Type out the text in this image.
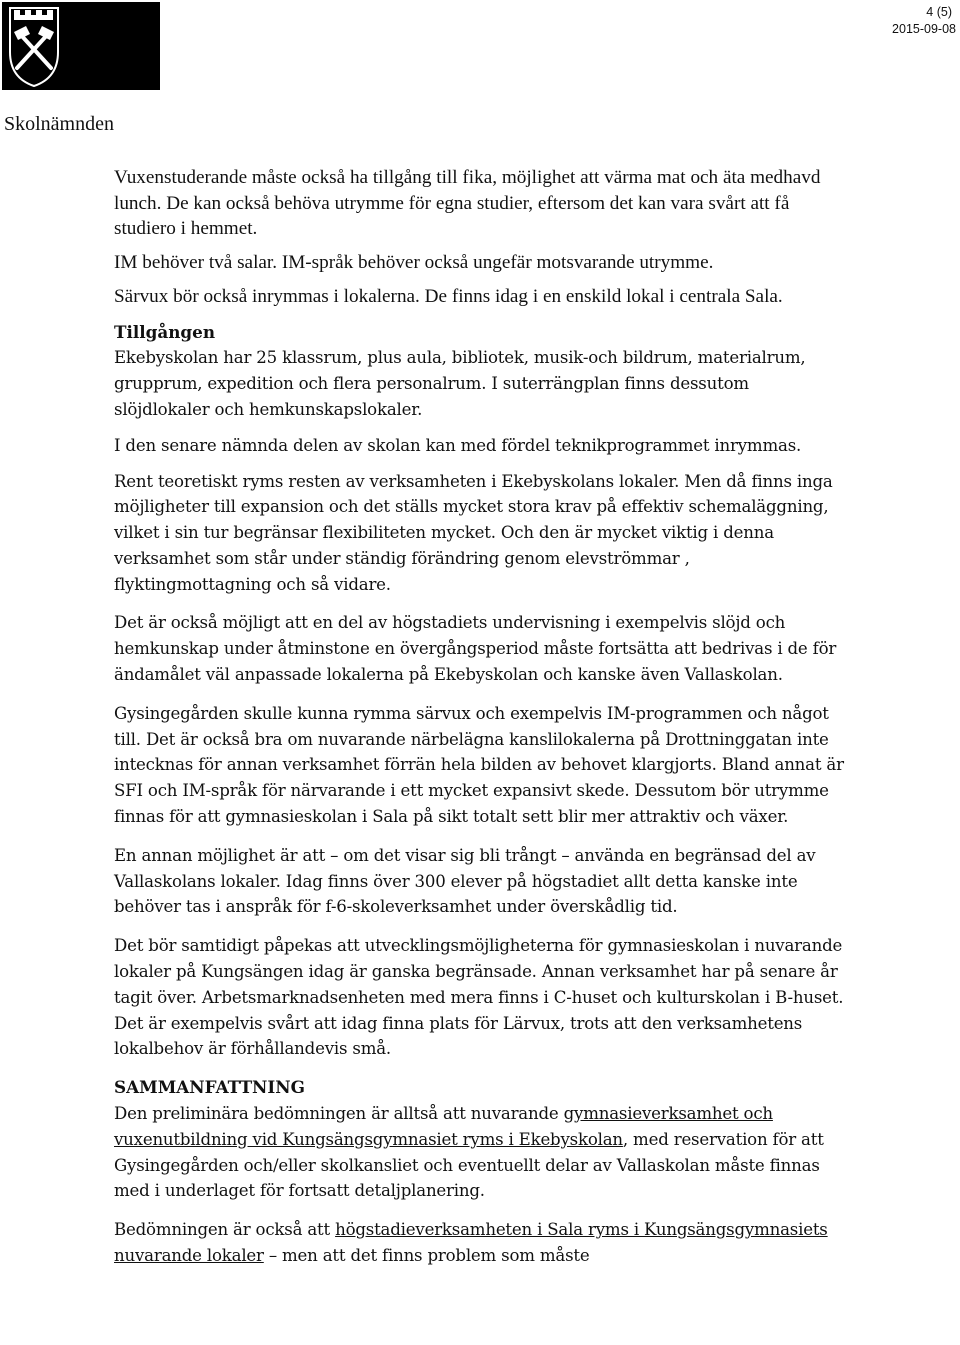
4 (5)
2015-09-08
Skolnämnden

Vuxenstuderande måste också ha tillgång till fika, möjlighet att värma mat och äta medhavd lunch. De kan också behöva utrymme för egna studier, eftersom det kan vara svårt att få studiero i hemmet.

IM behöver två salar. IM-språk behöver också ungefär motsvarande utrymme.

Särvux bör också inrymmas i lokalerna. De finns idag i en enskild lokal i centrala Sala.

Tillgången

Ekebyskolan har 25 klassrum, plus aula, bibliotek, musik-och bildrum, materialrum, grupprum, expedition och flera personalrum. I suterrängplan finns dessutom slöjdlokaler och hemkunskapslokaler.

I den senare nämnda delen av skolan kan med fördel teknikprogrammet inrymmas.

Rent teoretiskt ryms resten av verksamheten i Ekebyskolans lokaler. Men då finns inga möjligheter till expansion och det ställs mycket stora krav på effektiv schemaläggning, vilket i sin tur begränsar flexibiliteten mycket. Och den är mycket viktig i denna verksamhet som står under ständig förändring genom elevströmmar , flyktingmottagning och så vidare.

Det är också möjligt att en del av högstadiets undervisning i exempelvis slöjd och hemkunskap under åtminstone en övergångsperiod måste fortsätta att bedrivas i de för ändamålet väl anpassade lokalerna på Ekebyskolan och kanske även Vallaskolan.

Gysingegården skulle kunna rymma särvux och exempelvis IM-programmen och något till. Det är också bra om nuvarande närbelägna kanslilokalerna på Drottninggatan inte intecknas för annan verksamhet förrän hela bilden av behovet klargjorts. Bland annat är SFI och IM-språk för närvarande i ett mycket expansivt skede. Dessutom bör utrymme finnas för att gymnasieskolan i Sala på sikt totalt sett blir mer attraktiv och växer.

En annan möjlighet är att – om det visar sig bli trångt – använda en begränsad del av Vallaskolans lokaler. Idag finns över 300 elever på högstadiet allt detta kanske inte behöver tas i anspråk för f-6-skoleverksamhet under överskådlig tid.

Det bör samtidigt påpekas att utvecklingsmöjligheterna för gymnasieskolan i nuvarande lokaler på Kungsängen idag är ganska begränsade. Annan verksamhet har på senare år tagit över. Arbetsmarknadsenheten med mera finns i C-huset och kulturskolan i B-huset. Det är exempelvis svårt att idag finna plats för Lärvux, trots att den verksamhetens lokalbehov är förhållandevis små.

SAMMANFATTNING

Den preliminära bedömningen är alltså att nuvarande gymnasieverksamhet och vuxenutbildning vid Kungsängsgymnasiet ryms i Ekebyskolan, med reservation för att Gysingegården och/eller skolkansliet och eventuellt delar av Vallaskolan måste finnas med i underlaget för fortsatt detaljplanering.

Bedömningen är också att högstadieverksamheten i Sala ryms i Kungsängsgymnasiets nuvarande lokaler – men att det finns problem som måste
